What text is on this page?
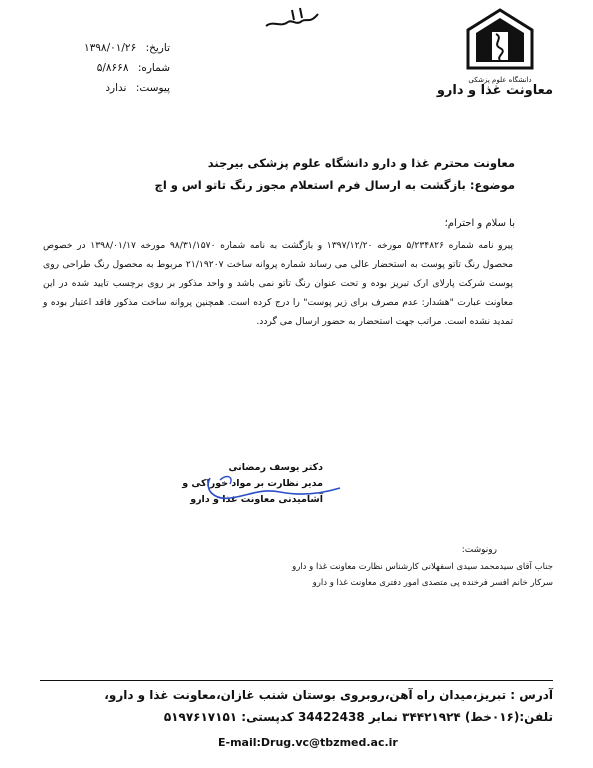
دانشگاه علوم پزشکی
معاونت غذا و دارو
تاریخ: ۱۳۹۸/۰۱/۲۶
شماره: ۵/۸۶۶۸
پیوست: ندارد
معاونت محترم غذا و دارو دانشگاه علوم پزشکی بیرجند
موضوع: بازگشت به ارسال فرم استعلام مجوز رنگ تاتو اس و اچ
با سلام و احترام؛
پیرو نامه شماره ۵/۲۳۴۸۲۶ مورخه ۱۳۹۷/۱۲/۲۰ و بازگشت به نامه شماره ۹۸/۳۱/۱۵۷۰ مورخه ۱۳۹۸/۰۱/۱۷ در خصوص محصول رنگ تاتو پوست به استحضار عالی می رساند شماره پروانه ساخت ۲۱/۱۹۲۰۷ مربوط به محصول رنگ طراحی روی پوست شرکت پارلای ارک تبریز بوده و تحت عنوان رنگ تاتو نمی باشد و واحد مذکور بر روی برچسب تایید شده در این معاونت عبارت "هشدار: عدم مصرف برای زیر پوست" را درج کرده است. همچنین پروانه ساخت مذکور فاقد اعتبار بوده و تمدید نشده است. مراتب جهت استحضار به حضور ارسال می گردد.
دکتر یوسف رمضانی
مدیر نظارت بر مواد خوراکی و
آشامیدنی معاونت غذا و دارو
رونوشت:
جناب آقای سیدمحمد سیدی اسفهلانی کارشناس نظارت معاونت غذا و دارو
سرکار خانم افسر فرخنده پی متصدی امور دفتری معاونت غذا و دارو
آدرس : تبریز،میدان راه آهن،روبروی بوستان شنب غازان،معاونت غذا و دارو،
تلفن:(۰۱۶خط) ۳۴۴۲۱۹۲۴ نمابر 34422438 کدپستی: ۵۱۹۷۶۱۷۱۵۱
E-mail:Drug.vc@tbzmed.ac.ir
